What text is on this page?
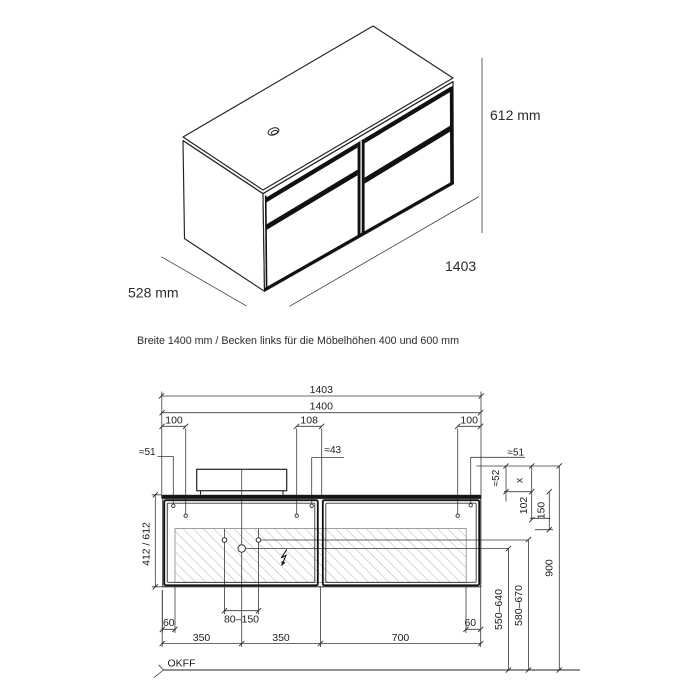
612 mm
1403
528 mm
Breite 1400 mm / Becken links für die Möbelhöhen 400 und 600 mm
1403
1400
100	108	100
≈51	≈43	≈51
412 / 612
≈52 x
102 150
900
550–640 580–670
60	80–150
350	350	700
60
OKFF
